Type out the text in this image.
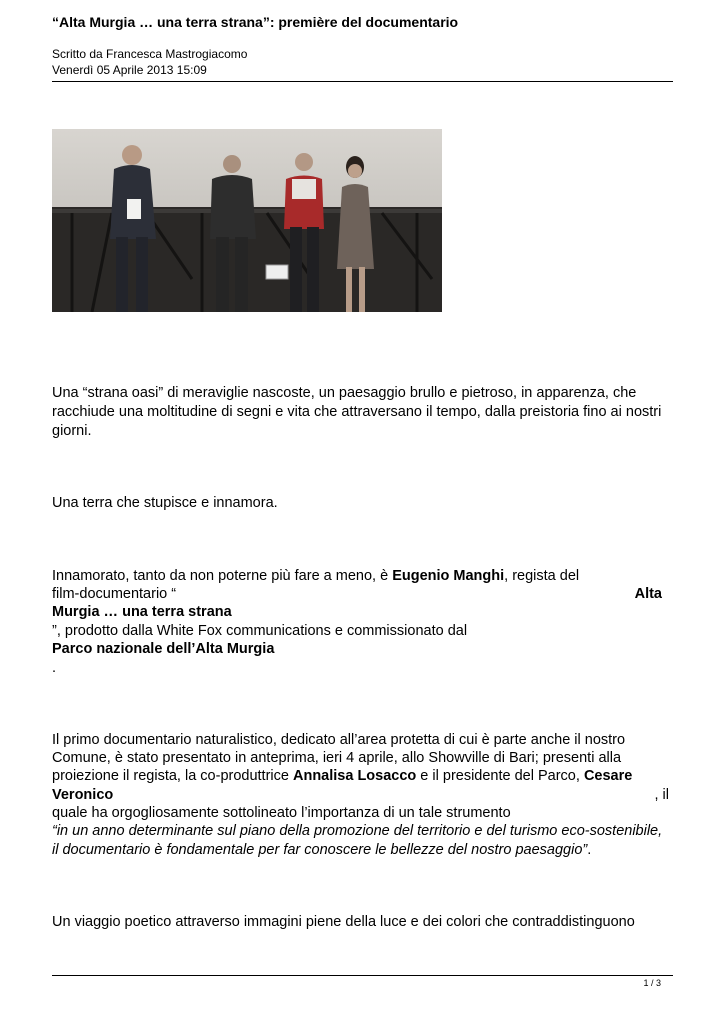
“Alta Murgia … una terra strana”: première del documentario
Scritto da Francesca Mastrogiacomo
Venerdì 05 Aprile 2013 15:09
Una “strana oasi” di meraviglie nascoste, un paesaggio brullo e pietroso, in apparenza, che
racchiude una moltitudine di segni e vita che attraversano il tempo, dalla preistoria fino ai nostri
giorni.
Una terra che stupisce e innamora.
Innamorato, tanto da non poterne più fare a meno, è Eugenio Manghi, regista del
film-documentario “	Alta
Murgia … una terra strana
”, prodotto dalla White Fox communications e commissionato dal
Parco nazionale dell’Alta Murgia
.
Il primo documentario naturalistico, dedicato all’area protetta di cui è parte anche il nostro
Comune, è stato presentato in anteprima, ieri 4 aprile, allo Showville di Bari; presenti alla
proiezione il regista, la co-produttrice Annalisa Losacco e il presidente del Parco, Cesare
Veronico	, il
quale ha orgogliosamente sottolineato l’importanza di un tale strumento
“in un anno determinante sul piano della promozione del territorio e del turismo eco-sostenibile,
il documentario è fondamentale per far conoscere le bellezze del nostro paesaggio”.
Un viaggio poetico attraverso immagini piene della luce e dei colori che contraddistinguono
1 / 3
